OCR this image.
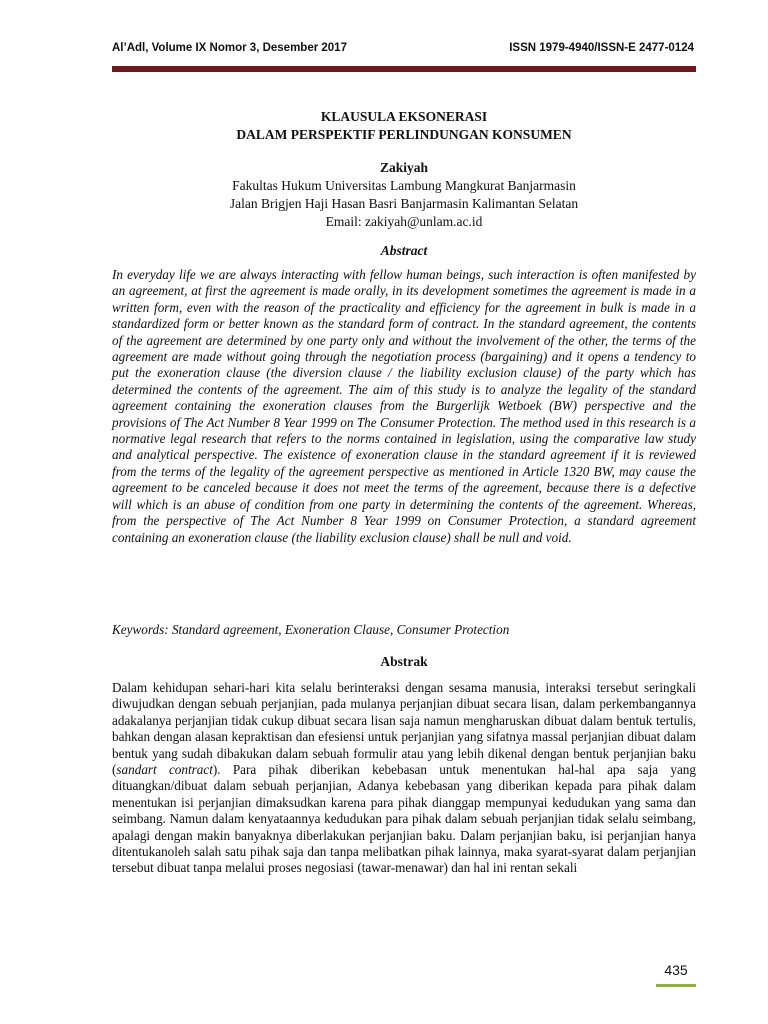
Al’Adl, Volume IX Nomor 3, Desember 2017	ISSN 1979-4940/ISSN-E 2477-0124
KLAUSULA EKSONERASI
DALAM PERSPEKTIF PERLINDUNGAN KONSUMEN
Zakiyah
Fakultas Hukum Universitas Lambung Mangkurat Banjarmasin
Jalan Brigjen Haji Hasan Basri Banjarmasin Kalimantan Selatan
Email: zakiyah@unlam.ac.id
Abstract

In everyday life we are always interacting with fellow human beings, such interaction is often manifested by an agreement, at first the agreement is made orally, in its development sometimes the agreement is made in a written form, even with the reason of the practicality and efficiency for the agreement in bulk is made in a standardized form or better known as the standard form of contract. In the standard agreement, the contents of the agreement are determined by one party only and without the involvement of the other, the terms of the agreement are made without going through the negotiation process (bargaining) and it opens a tendency to put the exoneration clause (the diversion clause / the liability exclusion clause) of the party which has determined the contents of the agreement. The aim of this study is to analyze the legality of the standard agreement containing the exoneration clauses from the Burgerlijk Wetboek (BW) perspective and the provisions of The Act Number 8 Year 1999 on The Consumer Protection. The method used in this research is a normative legal research that refers to the norms contained in legislation, using the comparative law study and analytical perspective. The existence of exoneration clause in the standard agreement if it is reviewed from the terms of the legality of the agreement perspective as mentioned in Article 1320 BW, may cause the agreement to be canceled because it does not meet the terms of the agreement, because there is a defective will which is an abuse of condition from one party in determining the contents of the agreement. Whereas, from the perspective of The Act Number 8 Year 1999 on Consumer Protection, a standard agreement containing an exoneration clause (the liability exclusion clause) shall be null and void.

Keywords: Standard agreement, Exoneration Clause, Consumer Protection

Abstrak

Dalam kehidupan sehari-hari kita selalu berinteraksi dengan sesama manusia, interaksi tersebut seringkali diwujudkan dengan sebuah perjanjian, pada mulanya perjanjian dibuat secara lisan, dalam perkembangannya adakalanya perjanjian tidak cukup dibuat secara lisan saja namun mengharuskan dibuat dalam bentuk tertulis, bahkan dengan alasan kepraktisan dan efesiensi untuk perjanjian yang sifatnya massal perjanjian dibuat dalam bentuk yang sudah dibakukan dalam sebuah formulir atau yang lebih dikenal dengan bentuk perjanjian baku (sandart contract). Para pihak diberikan kebebasan untuk menentukan hal-hal apa saja yang dituangkan/dibuat dalam sebuah perjanjian, Adanya kebebasan yang diberikan kepada para pihak dalam menentukan isi perjanjian dimaksudkan karena para pihak dianggap mempunyai kedudukan yang sama dan seimbang. Namun dalam kenyataannya kedudukan para pihak dalam sebuah perjanjian tidak selalu seimbang, apalagi dengan makin banyaknya diberlakukan perjanjian baku. Dalam perjanjian baku, isi perjanjian hanya ditentukanoleh salah satu pihak saja dan tanpa melibatkan pihak lainnya, maka syarat-syarat dalam perjanjian tersebut dibuat tanpa melalui proses negosiasi (tawar-menawar) dan hal ini rentan sekali

435
